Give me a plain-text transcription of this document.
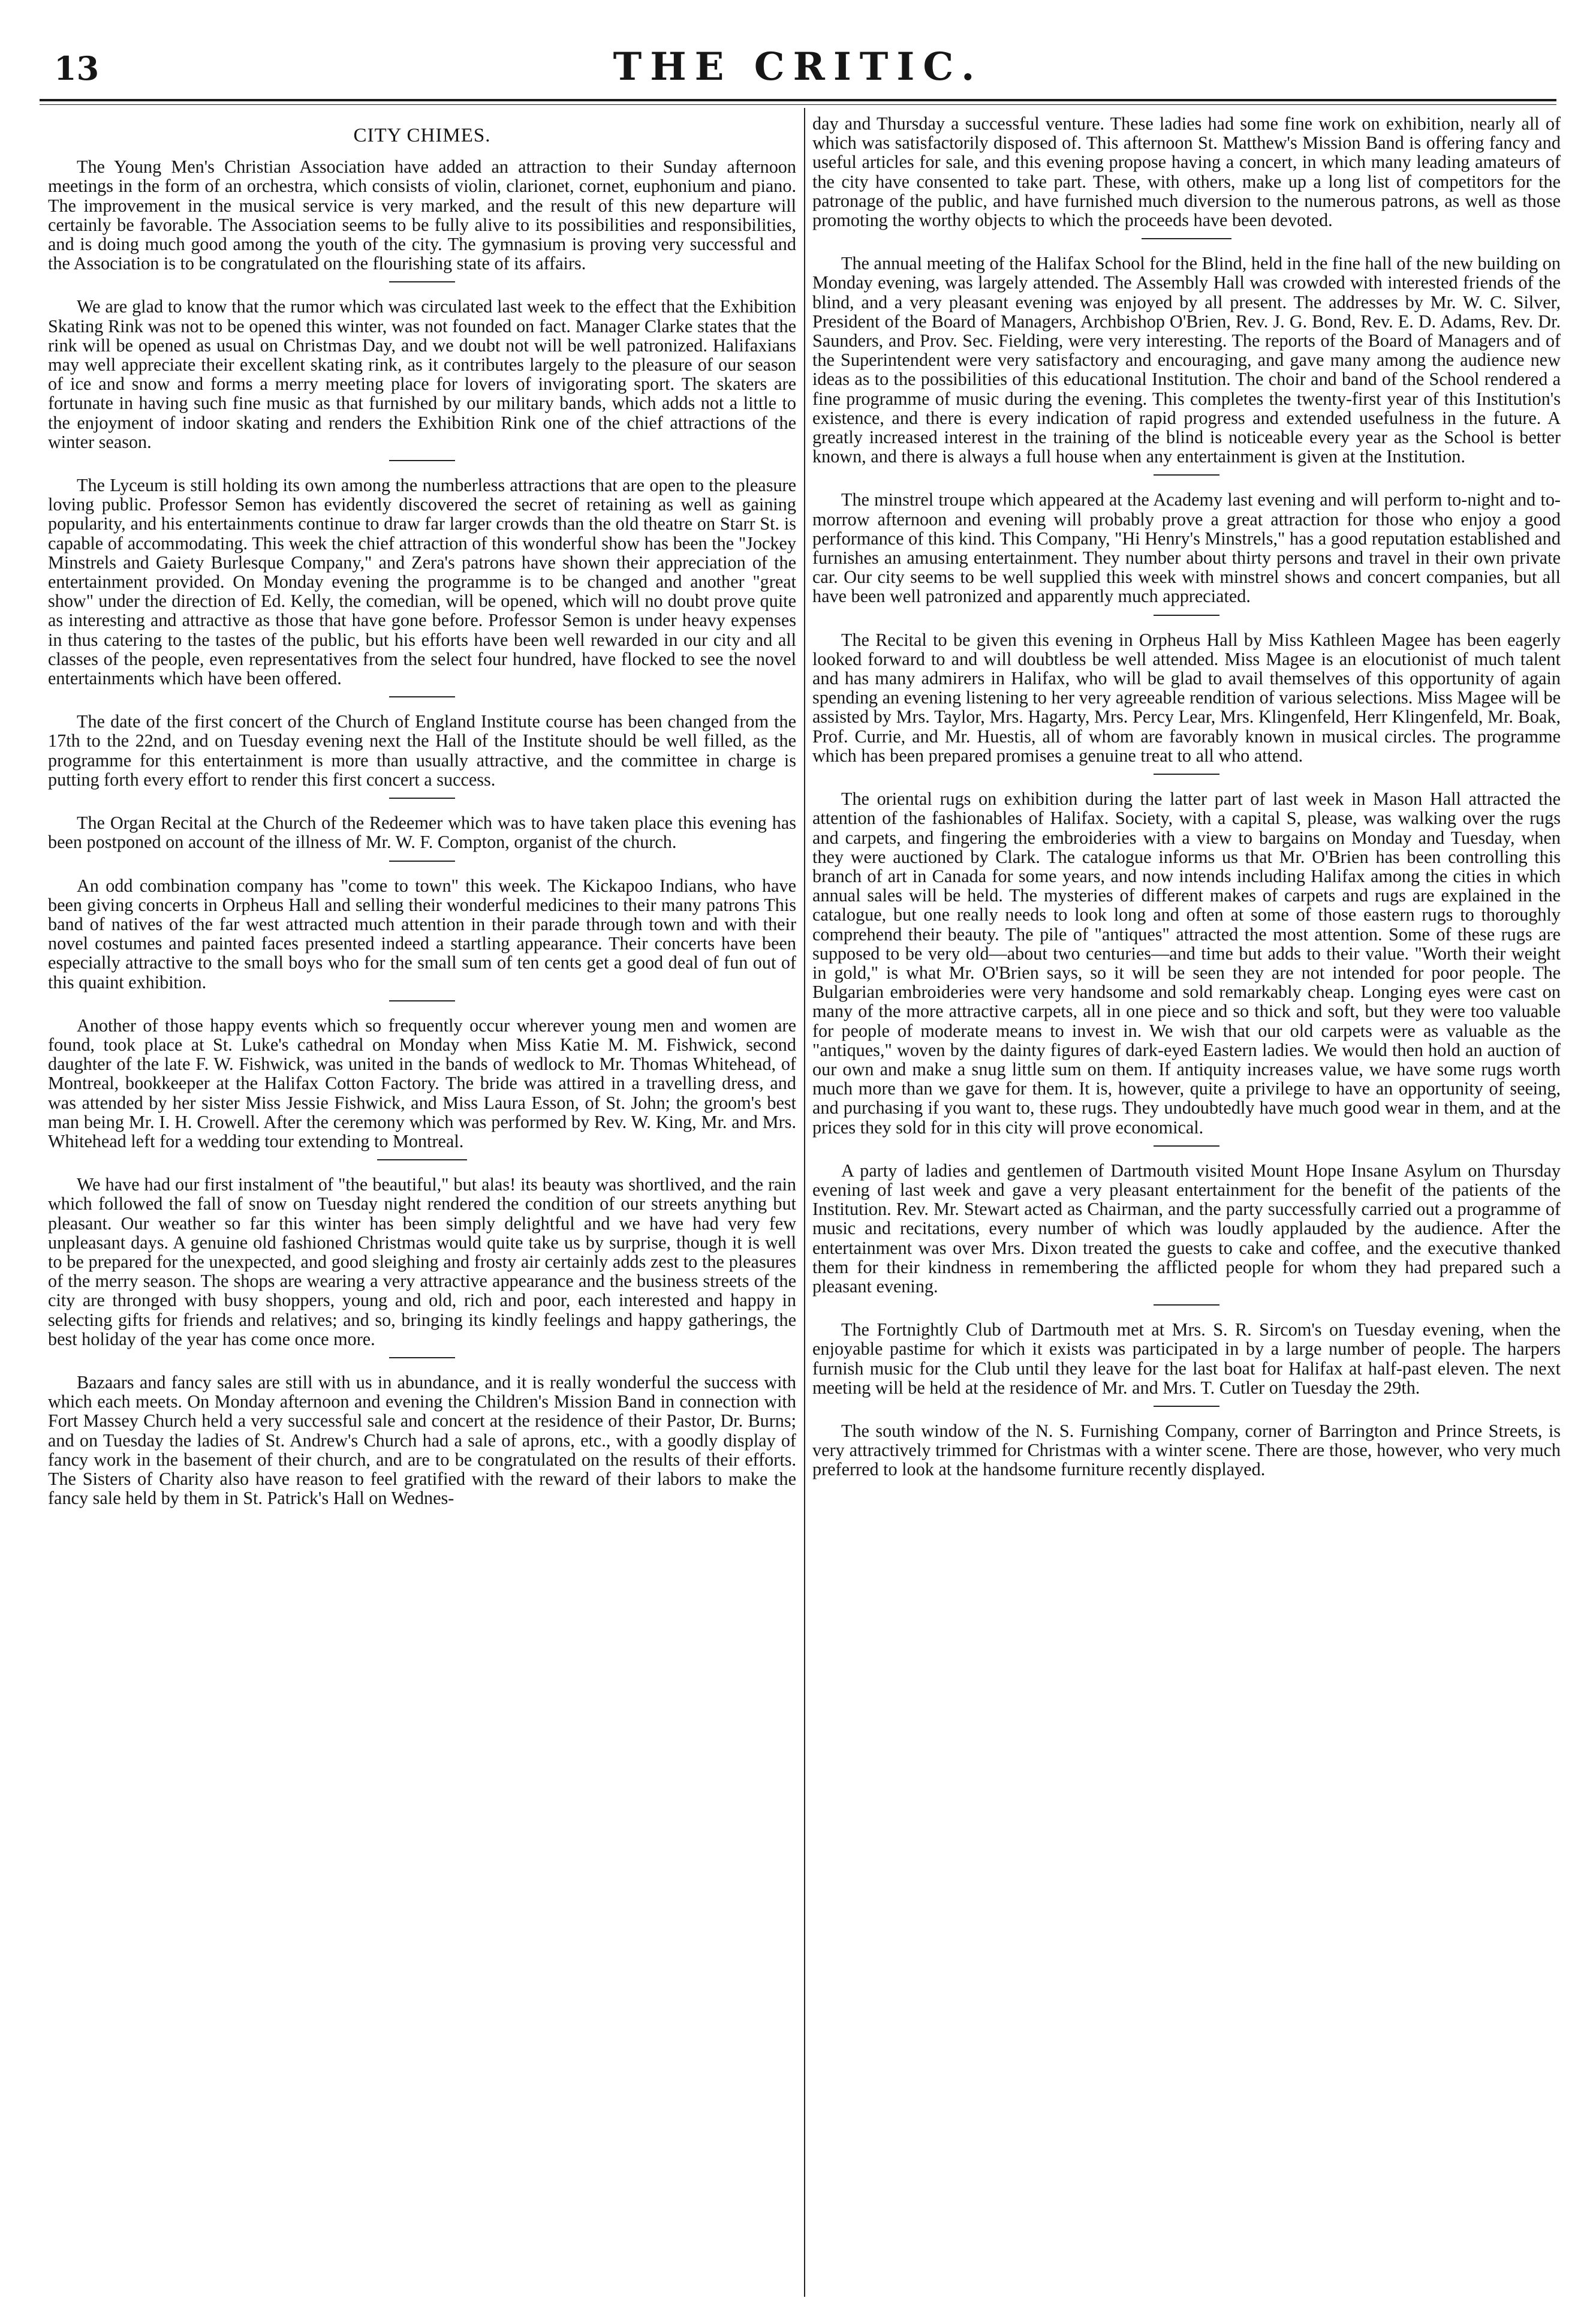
13	THE CRITIC.
CITY CHIMES.

The Young Men's Christian Association have added an attraction to their Sunday afternoon meetings in the form of an orchestra, which consists of violin, clarionet, cornet, euphonium and piano. The improvement in the musical service is very marked, and the result of this new departure will certainly be favorable. The Association seems to be fully alive to its possibilities and responsibilities, and is doing much good among the youth of the city. The gymnasium is proving very successful and the Association is to be congratulated on the flourishing state of its affairs.

We are glad to know that the rumor which was circulated last week to the effect that the Exhibition Skating Rink was not to be opened this winter, was not founded on fact. Manager Clarke states that the rink will be opened as usual on Christmas Day, and we doubt not will be well patronized. Halifaxians may well appreciate their excellent skating rink, as it contributes largely to the pleasure of our season of ice and snow and forms a merry meeting place for lovers of invigorating sport. The skaters are fortunate in having such fine music as that furnished by our military bands, which adds not a little to the enjoyment of indoor skating and renders the Exhibition Rink one of the chief attractions of the winter season.

The Lyceum is still holding its own among the numberless attractions that are open to the pleasure loving public. Professor Semon has evidently discovered the secret of retaining as well as gaining popularity, and his entertainments continue to draw far larger crowds than the old theatre on Starr St. is capable of accommodating. This week the chief attraction of this wonderful show has been the "Jockey Minstrels and Gaiety Burlesque Company," and Zera's patrons have shown their appreciation of the entertainment provided. On Monday evening the programme is to be changed and another "great show" under the direction of Ed. Kelly, the comedian, will be opened, which will no doubt prove quite as interesting and attractive as those that have gone before. Professor Semon is under heavy expenses in thus catering to the tastes of the public, but his efforts have been well rewarded in our city and all classes of the people, even representatives from the select four hundred, have flocked to see the novel entertainments which have been offered.

The date of the first concert of the Church of England Institute course has been changed from the 17th to the 22nd, and on Tuesday evening next the Hall of the Institute should be well filled, as the programme for this entertainment is more than usually attractive, and the committee in charge is putting forth every effort to render this first concert a success.

The Organ Recital at the Church of the Redeemer which was to have taken place this evening has been postponed on account of the illness of Mr. W. F. Compton, organist of the church.

An odd combination company has "come to town" this week. The Kickapoo Indians, who have been giving concerts in Orpheus Hall and selling their wonderful medicines to their many patrons This band of natives of the far west attracted much attention in their parade through town and with their novel costumes and painted faces presented indeed a startling appearance. Their concerts have been especially attractive to the small boys who for the small sum of ten cents get a good deal of fun out of this quaint exhibition.

Another of those happy events which so frequently occur wherever young men and women are found, took place at St. Luke's cathedral on Monday when Miss Katie M. M. Fishwick, second daughter of the late F. W. Fishwick, was united in the bands of wedlock to Mr. Thomas Whitehead, of Montreal, bookkeeper at the Halifax Cotton Factory. The bride was attired in a travelling dress, and was attended by her sister Miss Jessie Fishwick, and Miss Laura Esson, of St. John; the groom's best man being Mr. I. H. Crowell. After the ceremony which was performed by Rev. W. King, Mr. and Mrs. Whitehead left for a wedding tour extending to Montreal.

We have had our first instalment of "the beautiful," but alas! its beauty was shortlived, and the rain which followed the fall of snow on Tuesday night rendered the condition of our streets anything but pleasant. Our weather so far this winter has been simply delightful and we have had very few unpleasant days. A genuine old fashioned Christmas would quite take us by surprise, though it is well to be prepared for the unexpected, and good sleighing and frosty air certainly adds zest to the pleasures of the merry season. The shops are wearing a very attractive appearance and the business streets of the city are thronged with busy shoppers, young and old, rich and poor, each interested and happy in selecting gifts for friends and relatives; and so, bringing its kindly feelings and happy gatherings, the best holiday of the year has come once more.

Bazaars and fancy sales are still with us in abundance, and it is really wonderful the success with which each meets. On Monday afternoon and evening the Children's Mission Band in connection with Fort Massey Church held a very successful sale and concert at the residence of their Pastor, Dr. Burns; and on Tuesday the ladies of St. Andrew's Church had a sale of aprons, etc., with a goodly display of fancy work in the basement of their church, and are to be congratulated on the results of their efforts. The Sisters of Charity also have reason to feel gratified with the reward of their labors to make the fancy sale held by them in St. Patrick's Hall on Wednes-

day and Thursday a successful venture. These ladies had some fine work on exhibition, nearly all of which was satisfactorily disposed of. This afternoon St. Matthew's Mission Band is offering fancy and useful articles for sale, and this evening propose having a concert, in which many leading amateurs of the city have consented to take part. These, with others, make up a long list of competitors for the patronage of the public, and have furnished much diversion to the numerous patrons, as well as those promoting the worthy objects to which the proceeds have been devoted.

The annual meeting of the Halifax School for the Blind, held in the fine hall of the new building on Monday evening, was largely attended. The Assembly Hall was crowded with interested friends of the blind, and a very pleasant evening was enjoyed by all present. The addresses by Mr. W. C. Silver, President of the Board of Managers, Archbishop O'Brien, Rev. J. G. Bond, Rev. E. D. Adams, Rev. Dr. Saunders, and Prov. Sec. Fielding, were very interesting. The reports of the Board of Managers and of the Superintendent were very satisfactory and encouraging, and gave many among the audience new ideas as to the possibilities of this educational Institution. The choir and band of the School rendered a fine programme of music during the evening. This completes the twenty-first year of this Institution's existence, and there is every indication of rapid progress and extended usefulness in the future. A greatly increased interest in the training of the blind is noticeable every year as the School is better known, and there is always a full house when any entertainment is given at the Institution.

The minstrel troupe which appeared at the Academy last evening and will perform to-night and to-morrow afternoon and evening will probably prove a great attraction for those who enjoy a good performance of this kind. This Company, "Hi Henry's Minstrels," has a good reputation established and furnishes an amusing entertainment. They number about thirty persons and travel in their own private car. Our city seems to be well supplied this week with minstrel shows and concert companies, but all have been well patronized and apparently much appreciated.

The Recital to be given this evening in Orpheus Hall by Miss Kathleen Magee has been eagerly looked forward to and will doubtless be well attended. Miss Magee is an elocutionist of much talent and has many admirers in Halifax, who will be glad to avail themselves of this opportunity of again spending an evening listening to her very agreeable rendition of various selections. Miss Magee will be assisted by Mrs. Taylor, Mrs. Hagarty, Mrs. Percy Lear, Mrs. Klingenfeld, Herr Klingenfeld, Mr. Boak, Prof. Currie, and Mr. Huestis, all of whom are favorably known in musical circles. The programme which has been prepared promises a genuine treat to all who attend.

The oriental rugs on exhibition during the latter part of last week in Mason Hall attracted the attention of the fashionables of Halifax. Society, with a capital S, please, was walking over the rugs and carpets, and fingering the embroideries with a view to bargains on Monday and Tuesday, when they were auctioned by Clark. The catalogue informs us that Mr. O'Brien has been controlling this branch of art in Canada for some years, and now intends including Halifax among the cities in which annual sales will be held. The mysteries of different makes of carpets and rugs are explained in the catalogue, but one really needs to look long and often at some of those eastern rugs to thoroughly comprehend their beauty. The pile of "antiques" attracted the most attention. Some of these rugs are supposed to be very old—about two centuries—and time but adds to their value. "Worth their weight in gold," is what Mr. O'Brien says, so it will be seen they are not intended for poor people. The Bulgarian embroideries were very handsome and sold remarkably cheap. Longing eyes were cast on many of the more attractive carpets, all in one piece and so thick and soft, but they were too valuable for people of moderate means to invest in. We wish that our old carpets were as valuable as the "antiques," woven by the dainty figures of dark-eyed Eastern ladies. We would then hold an auction of our own and make a snug little sum on them. If antiquity increases value, we have some rugs worth much more than we gave for them. It is, however, quite a privilege to have an opportunity of seeing, and purchasing if you want to, these rugs. They undoubtedly have much good wear in them, and at the prices they sold for in this city will prove economical.

A party of ladies and gentlemen of Dartmouth visited Mount Hope Insane Asylum on Thursday evening of last week and gave a very pleasant entertainment for the benefit of the patients of the Institution. Rev. Mr. Stewart acted as Chairman, and the party successfully carried out a programme of music and recitations, every number of which was loudly applauded by the audience. After the entertainment was over Mrs. Dixon treated the guests to cake and coffee, and the executive thanked them for their kindness in remembering the afflicted people for whom they had prepared such a pleasant evening.

The Fortnightly Club of Dartmouth met at Mrs. S. R. Sircom's on Tuesday evening, when the enjoyable pastime for which it exists was participated in by a large number of people. The harpers furnish music for the Club until they leave for the last boat for Halifax at half-past eleven. The next meeting will be held at the residence of Mr. and Mrs. T. Cutler on Tuesday the 29th.

The south window of the N. S. Furnishing Company, corner of Barrington and Prince Streets, is very attractively trimmed for Christmas with a winter scene. There are those, however, who very much preferred to look at the handsome furniture recently displayed.
